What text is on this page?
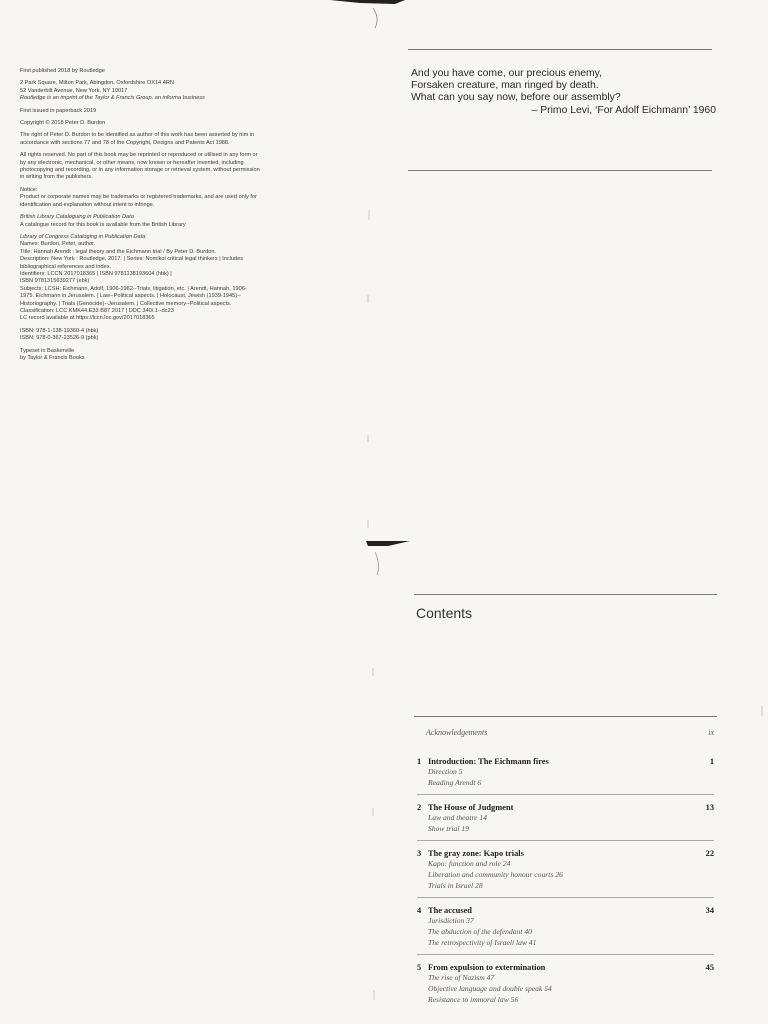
First published 2018 by Routledge

2 Park Square, Milton Park, Abingdon, Oxfordshire OX14 4RN
52 Vanderbilt Avenue, New York, NY 10017
Routledge is an imprint of the Taylor & Francis Group, an informa business

First issued in paperback 2019

Copyright © 2018 Peter D. Burdon

The right of Peter D. Burdon to be identified as author of this work has been asserted by him in accordance with sections 77 and 78 of the Copyright, Designs and Patents Act 1988.

All rights reserved. No part of this book may be reprinted or reproduced or utilised in any form or by any electronic, mechanical, or other means, now known or hereafter invented, including photocopying and recording, or in any information storage or retrieval system, without permission in writing from the publishers.

Notice:
Product or corporate names may be trademarks or registered trademarks, and are used only for identification and explanation without intent to infringe.

British Library Cataloguing in Publication Data
A catalogue record for this book is available from the British Library

Library of Congress Cataloging in Publication Data
Names: Burdon, Peter, author.
Title: Hannah Arendt : legal theory and the Eichmann trial / By Peter D. Burdon.
Description: New York : Routledge, 2017. | Series: Nomikoi critical legal thinkers | Includes bibliographical references and index.
Identifiers: LCCN 2017018365 | ISBN 9781138193604 (hbk) |
ISBN 9781315639277 (ebk)
Subjects: LCSH: Eichmann, Adolf, 1906-1962--Trials, litigation, etc. | Arendt, Hannah, 1906-1975. Eichmann in Jerusalem. | Law--Political aspects. | Holocaust, Jewish (1939-1945)--Historiography. | Trials (Genocide)--Jerusalem. | Collective memory--Political aspects.
Classification: LCC KMK44.E33 B87 2017 | DDC 340/.1--dc23
LC record available at https://lccn.loc.gov/2017018365

ISBN: 978-1-138-19360-4 (hbk)
ISBN: 978-0-367-23526-9 (pbk)

Typeset in Baskerville
by Taylor & Francis Books

And you have come, our precious enemy,
Forsaken creature, man ringed by death.
What can you say now, before our assembly?
– Primo Levi, ‘For Adolf Eichmann’ 1960
Contents
Acknowledgements	ix
1 Introduction: The Eichmann fires	1
Direction 5
Reading Arendt 6
2 The House of Judgment	13
Law and theatre 14
Show trial 19
3 The gray zone: Kapo trials	22
Kapo: function and role 24
Liberation and community honour courts 26
Trials in Israel 28
4 The accused	34
Jurisdiction 37
The abduction of the defendant 40
The retrospectivity of Israeli law 41
5 From expulsion to extermination	45
The rise of Nazism 47
Objective language and double speak 54
Resistance to immoral law 56
